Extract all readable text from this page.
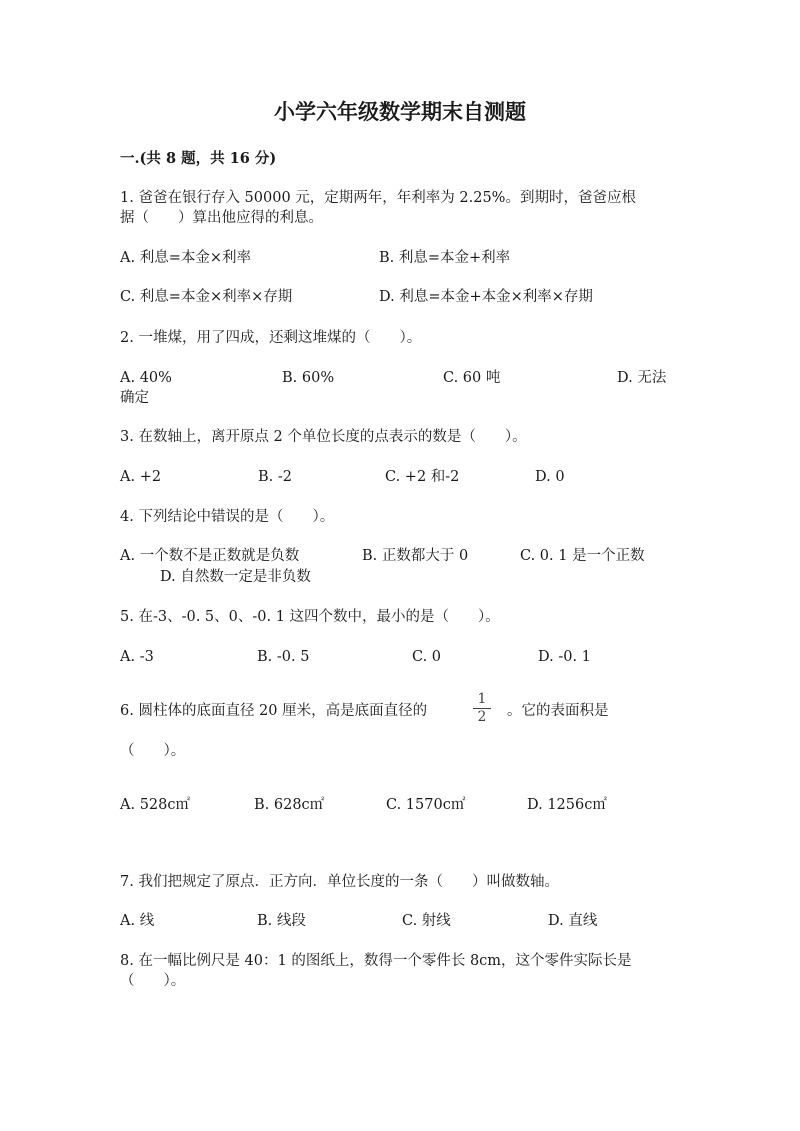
小学六年级数学期末自测题
一.(共 8 题，共 16 分)
1. 爸爸在银行存入 50000 元，定期两年，年利率为 2.25%。到期时，爸爸应根
据（　　）算出他应得的利息。
A. 利息=本金×利率	B. 利息=本金+利率
C. 利息=本金×利率×存期	D. 利息=本金+本金×利率×存期
2. 一堆煤，用了四成，还剩这堆煤的（　　）。
A. 40%	B. 60%	C. 60 吨	D. 无法
确定
3. 在数轴上，离开原点 2 个单位长度的点表示的数是（　　）。
A. +2	B. -2	C. +2 和-2	D. 0
4. 下列结论中错误的是（　　）。
A. 一个数不是正数就是负数	B. 正数都大于 0	C. 0. 1 是一个正数
D. 自然数一定是非负数
5. 在-3、-0. 5、0、-0. 1 这四个数中，最小的是（　　）。
A. -3	B. -0. 5	C. 0	D. -0. 1
6. 圆柱体的底面直径 20 厘米，高是底面直径的
1
2	。它的表面积是
（　　）。
A. 528c㎡	B. 628c㎡	C. 1570c㎡	D. 1256c㎡
7. 我们把规定了原点．正方向．单位长度的一条（　　）叫做数轴。
A. 线	B. 线段	C. 射线	D. 直线
8. 在一幅比例尺是 40：1 的图纸上，数得一个零件长 8cm，这个零件实际长是
（　　）。
